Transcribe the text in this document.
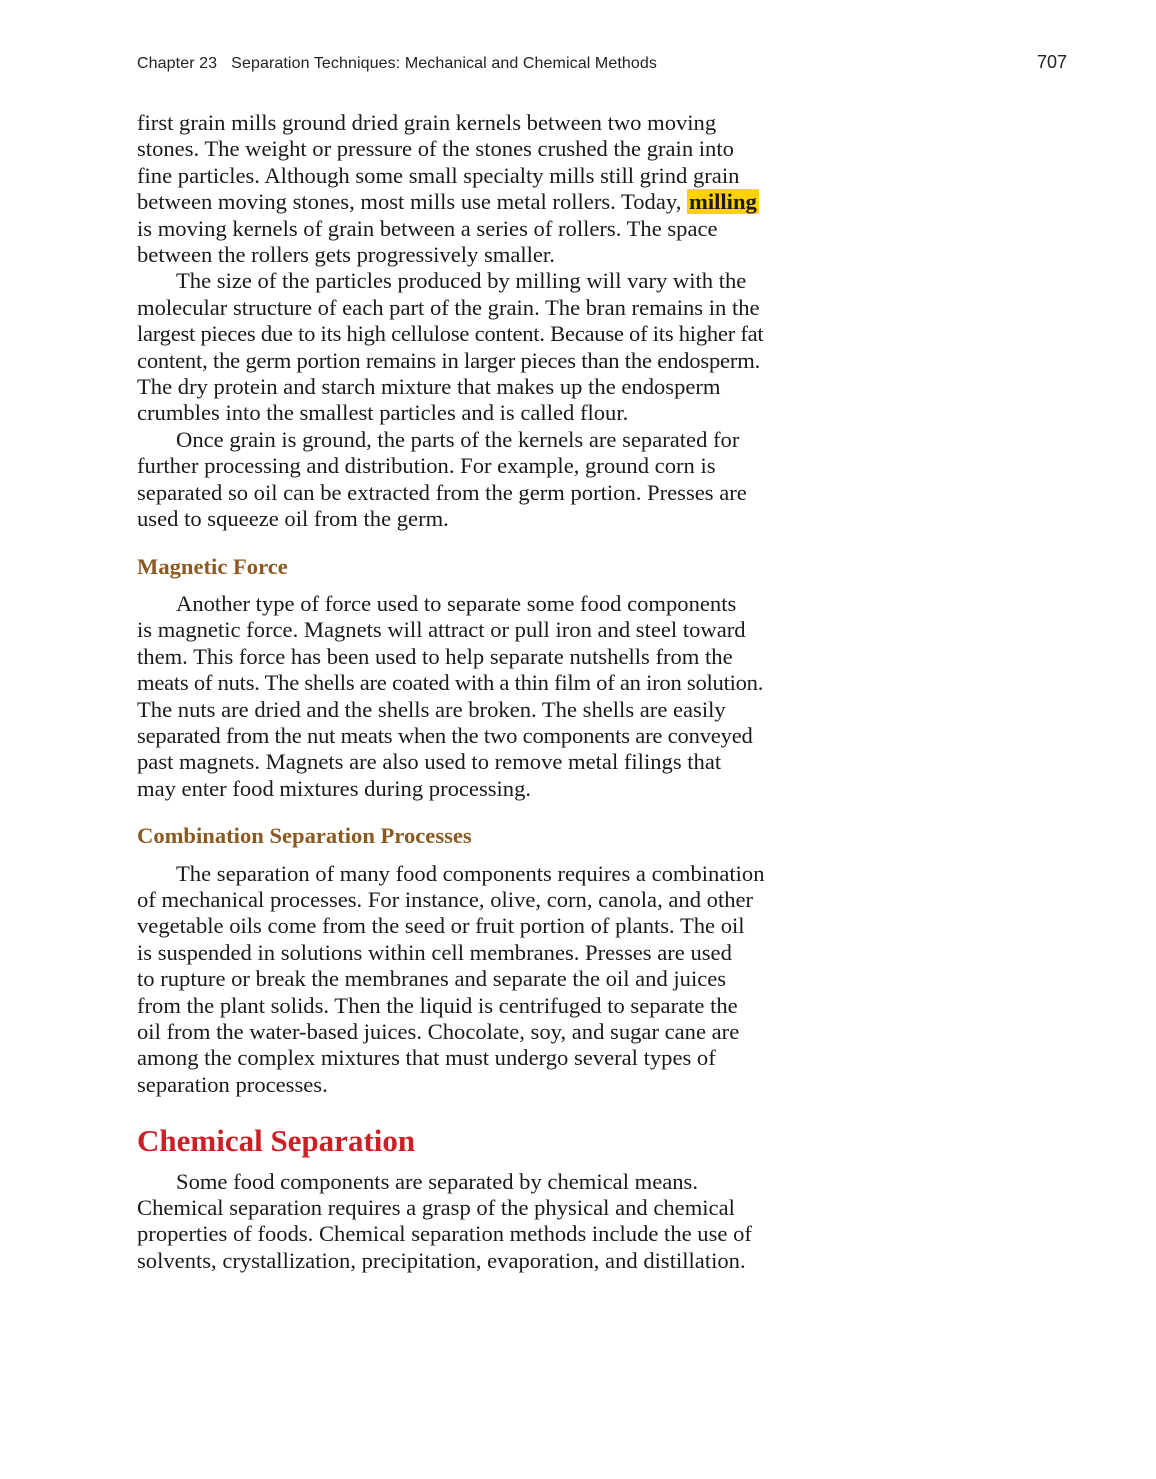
Chapter 23 Separation Techniques: Mechanical and Chemical Methods	707

first grain mills ground dried grain kernels between two moving
stones. The weight or pressure of the stones crushed the grain into
fine particles. Although some small specialty mills still grind grain
between moving stones, most mills use metal rollers. Today, milling
is moving kernels of grain between a series of rollers. The space
between the rollers gets progressively smaller.

The size of the particles produced by milling will vary with the
molecular structure of each part of the grain. The bran remains in the
largest pieces due to its high cellulose content. Because of its higher fat
content, the germ portion remains in larger pieces than the endosperm.
The dry protein and starch mixture that makes up the endosperm
crumbles into the smallest particles and is called flour.

Once grain is ground, the parts of the kernels are separated for
further processing and distribution. For example, ground corn is
separated so oil can be extracted from the germ portion. Presses are
used to squeeze oil from the germ.

Magnetic Force

Another type of force used to separate some food components
is magnetic force. Magnets will attract or pull iron and steel toward
them. This force has been used to help separate nutshells from the
meats of nuts. The shells are coated with a thin film of an iron solution.
The nuts are dried and the shells are broken. The shells are easily
separated from the nut meats when the two components are conveyed
past magnets. Magnets are also used to remove metal filings that
may enter food mixtures during processing.

Combination Separation Processes

The separation of many food components requires a combination
of mechanical processes. For instance, olive, corn, canola, and other
vegetable oils come from the seed or fruit portion of plants. The oil
is suspended in solutions within cell membranes. Presses are used
to rupture or break the membranes and separate the oil and juices
from the plant solids. Then the liquid is centrifuged to separate the
oil from the water-based juices. Chocolate, soy, and sugar cane are
among the complex mixtures that must undergo several types of
separation processes.

Chemical Separation

Some food components are separated by chemical means.
Chemical separation requires a grasp of the physical and chemical
properties of foods. Chemical separation methods include the use of
solvents, crystallization, precipitation, evaporation, and distillation.
